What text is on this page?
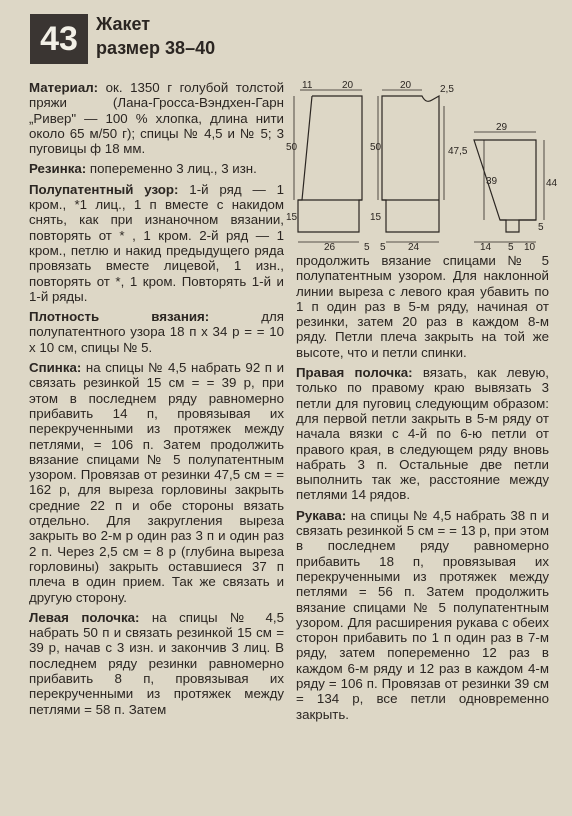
43	Жакет
размер 38–40

Материал: ок. 1350 г голубой толстой пряжи (Лана-Гросса-Вэндхен-Гарн „Ривер" — 100 % хлопка, длина нити около 65 м/50 г); спицы № 4,5 и № 5; 3 пуговицы ф 18 мм.

Резинка: попеременно 3 лиц., 3 изн.

Полупатентный узор: 1-й ряд — 1 кром., *1 лиц., 1 п вместе с накидом снять, как при изнаночном вязании, повторять от * , 1 кром. 2-й ряд — 1 кром., петлю и накид предыдущего ряда провязать вместе лицевой, 1 изн., повторять от *, 1 кром. Повторять 1-й и 1-й ряды.

Плотность вязания: для полупатентного узора 18 п х 34 р = = 10 х 10 см, спицы № 5.

Спинка: на спицы № 4,5 набрать 92 п и связать резинкой 15 см = = 39 р, при этом в последнем ряду равномерно прибавить 14 п, провязывая их перекрученными из протяжек между петлями, = 106 п. Затем продолжить вязание спицами № 5 полупатентным узором. Провязав от резинки 47,5 см = = 162 р, для выреза горловины закрыть средние 22 п и обе стороны вязать отдельно. Для закругления выреза закрыть во 2-м р один раз 3 п и один раз 2 п. Через 2,5 см = 8 р (глубина выреза горловины) закрыть оставшиеся 37 п плеча в один прием. Так же связать и другую сторону.

Левая полочка: на спицы № 4,5 набрать 50 п и связать резинкой 15 см = 39 р, начав с 3 изн. и закончив 3 лиц. В последнем ряду резинки равномерно прибавить 8 п, провязывая их перекрученными из протяжек между петлями = 58 п. Затем

11	20
50
15
26	5
20	2,5
50	47,5
15
5 24
29
39	44
5
14 5 10

продолжить вязание спицами № 5 полупатентным узором. Для наклонной линии выреза с левого края убавить по 1 п один раз в 5-м ряду, начиная от резинки, затем 20 раз в каждом 8-м ряду. Петли плеча закрыть на той же высоте, что и петли спинки.

Правая полочка: вязать, как левую, только по правому краю вывязать 3 петли для пуговиц следующим образом: для первой петли закрыть в 5-м ряду от начала вязки с 4-й по 6-ю петли от правого края, в следующем ряду вновь набрать 3 п. Остальные две петли выполнить так же, расстояние между петлями 14 рядов.

Рукава: на спицы № 4,5 набрать 38 п и связать резинкой 5 см = = 13 р, при этом в последнем ряду равномерно прибавить 18 п, провязывая их перекрученными из протяжек между петлями = 56 п. Затем продолжить вязание спицами № 5 полупатентным узором. Для расширения рукава с обеих сторон прибавить по 1 п один раз в 7-м ряду, затем попеременно 12 раз в каждом 6-м ряду и 12 раз в каждом 4-м ряду = 106 п. Провязав от резинки 39 см = 134 р, все петли одновременно закрыть.
